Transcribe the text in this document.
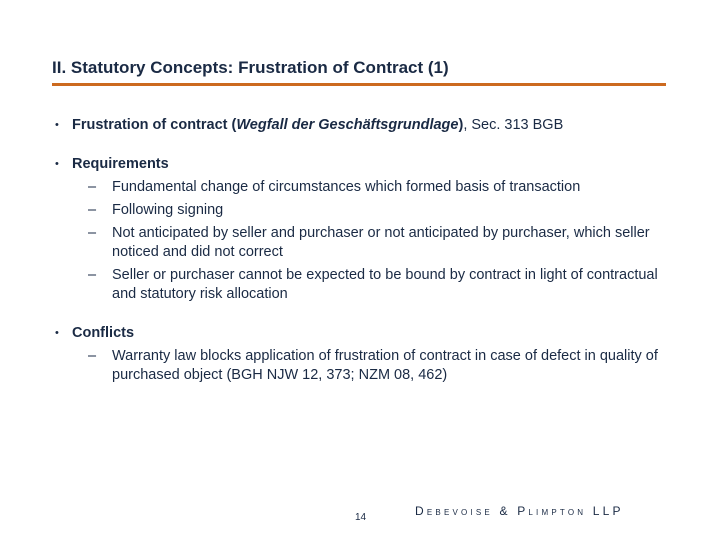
II. Statutory Concepts: Frustration of Contract (1)
• Frustration of contract (Wegfall der Geschäftsgrundlage), Sec. 313 BGB
• Requirements
– Fundamental change of circumstances which formed basis of transaction
– Following signing
– Not anticipated by seller and purchaser or not anticipated by purchaser, which seller noticed and did not correct
– Seller or purchaser cannot be expected to be bound by contract in light of contractual and statutory risk allocation
• Conflicts
– Warranty law blocks application of frustration of contract in case of defect in quality of purchased object (BGH NJW 12, 373; NZM 08, 462)
14	Debevoise & Plimpton LLP
